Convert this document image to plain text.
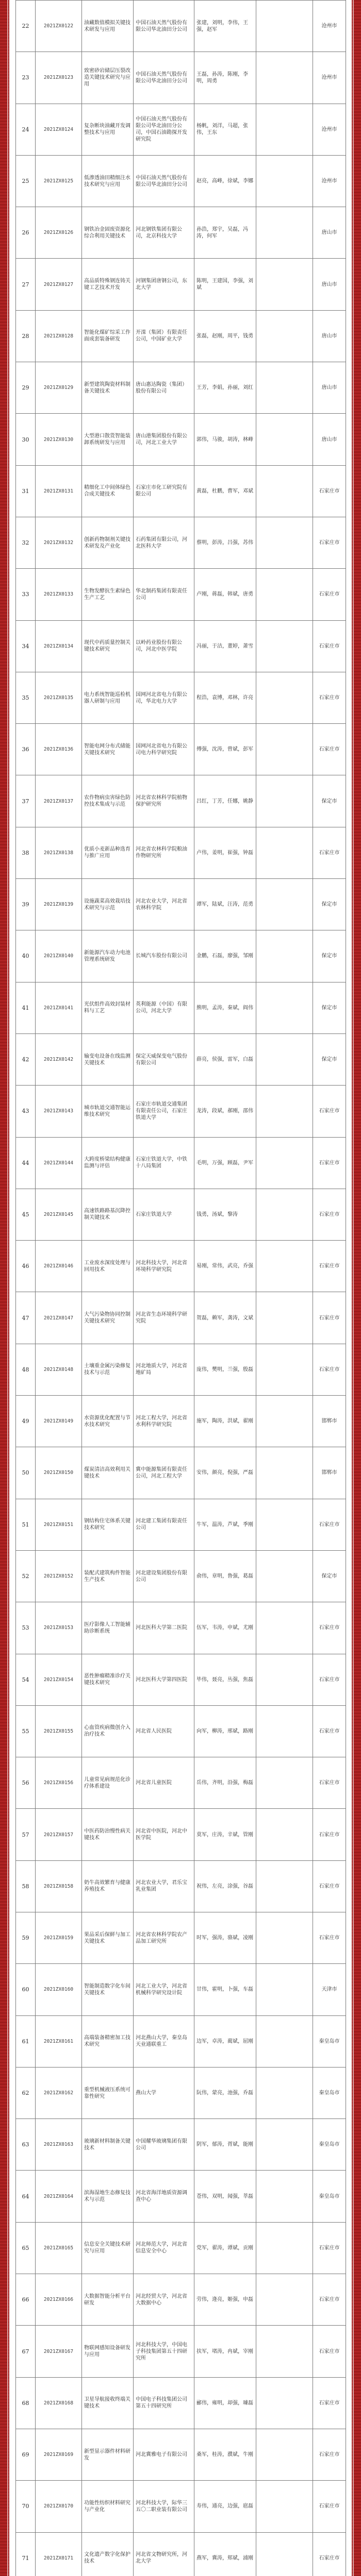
22	2021ZX0122	油藏数值模拟关键技术研发与应用	中国石油天然气股份有限公司华北油田分公司	张建，刘明，李伟，王强，赵军		沧州市
23	2021ZX0123	致密砂岩储层压裂改造关键技术研究与应用	中国石油天然气股份有限公司华北油田分公司	王磊，孙涛，陈刚，李明，周勇		沧州市
24	2021ZX0124	复杂断块油藏开发调整技术与应用	中国石油天然气股份有限公司华北油田分公司，中国石油勘探开发研究院	杨帆，刘洋，马超，张伟，王东		沧州市
25	2021ZX0125	低渗透油田精细注水技术研究与应用	中国石油天然气股份有限公司华北油田分公司	赵亮，高峰，徐斌，李娜		沧州市
26	2021ZX0126	钢铁冶金固废资源化综合利用关键技术	河北钢铁集团有限公司，北京科技大学	孙浩，郑宇，吴磊，冯涛，何军		唐山市
27	2021ZX0127	高品质特殊钢连铸关键工艺技术开发	河钢集团唐钢公司，东北大学	陈明，王建国，李强，刘斌		唐山市
28	2021ZX0128	智能化煤矿综采工作面成套装备研发	开滦（集团）有限责任公司，中国矿业大学	张磊，赵刚，周平，钱勇		唐山市
29	2021ZX0129	新型建筑陶瓷材料制备关键技术	唐山惠达陶瓷（集团）股份有限公司	王芳，李娟，孙丽，刘红		唐山市
30	2021ZX0130	大型港口散货智能装卸系统研发与应用	唐山港集团股份有限公司，河北工业大学	郭伟，马骏，胡涛，林峰		唐山市
31	2021ZX0131	精细化工中间体绿色合成关键技术	石家庄市化工研究院有限公司	黄磊，杜鹏，曹军，邓斌		石家庄市
32	2021ZX0132	创新药物制剂关键技术研发及产业化	石药集团有限公司，河北医科大学	蔡明，彭涛，吕强，苏伟		石家庄市
33	2021ZX0133	生物发酵抗生素绿色生产工艺	华北制药集团有限责任公司	卢刚，蒋磊，韩斌，唐勇		石家庄市
34	2021ZX0134	现代中药质量控制关键技术研究	以岭药业股份有限公司，河北中医学院	冯丽，于洁，董婷，萧雪		石家庄市
35	2021ZX0135	电力系统智能巡检机器人研制与应用	国网河北省电力有限公司，华北电力大学	程浩，袁博，邓林，许亮		石家庄市
36	2021ZX0136	智能电网分布式储能关键技术研究	国网河北省电力有限公司电力科学研究院	傅强，沈涛，曾斌，彭军		石家庄市
37	2021ZX0137	农作物病虫害绿色防控技术集成与示范	河北省农林科学院植物保护研究所	吕红，丁芳，任娜，姚静		保定市
38	2021ZX0138	优质小麦新品种选育与推广应用	河北省农林科学院粮油作物研究所	卢伟，姜明，崔强，钟磊		石家庄市
39	2021ZX0139	设施蔬菜高效栽培技术研究与示范	河北农业大学，河北省农林科学院	谭军，陆斌，汪涛，范勇		保定市
40	2021ZX0140	新能源汽车动力电池管理系统研发	长城汽车股份有限公司	金鹏，石磊，廖强，邹刚		保定市
41	2021ZX0141	光伏组件高效封装材料与工艺	英利能源（中国）有限公司，河北大学	熊明，孟涛，秦斌，阎伟		保定市
42	2021ZX0142	输变电设备在线监测关键技术	保定天威保变电气股份有限公司	薛亮，侯强，雷军，白磊		保定市
43	2021ZX0143	城市轨道交通智能运维技术研究	石家庄市轨道交通集团有限责任公司，石家庄铁道大学	龙涛，段斌，郝刚，邵伟		石家庄市
44	2021ZX0144	大跨度桥梁结构健康监测与评估	石家庄铁道大学，中铁十八局集团	毛明，万强，顾磊，尹军		石家庄市
45	2021ZX0145	高速铁路路基沉降控制关键技术	石家庄铁道大学	钱勇，汤斌，黎涛		石家庄市
46	2021ZX0146	工业废水深度处理与回用技术	河北科技大学，河北省环境科学研究院	易刚，常伟，武亮，乔强		石家庄市
47	2021ZX0147	大气污染物协同控制关键技术研究	河北省生态环境科学研究院	贺磊，赖军，龚涛，文斌		石家庄市
48	2021ZX0148	土壤重金属污染修复技术与示范	河北地质大学，河北省地矿局	庞伟，樊明，兰强，殷磊		石家庄市
49	2021ZX0149	水资源优化配置与节水技术研究	河北工程大学，河北省水利科学研究院	施军，陶涛，洪斌，翟刚		邯郸市
50	2021ZX0150	煤炭清洁高效利用关键技术	冀中能源集团有限责任公司，河北工程大学	安伟，颜亮，倪强，严磊		邯郸市
51	2021ZX0151	钢结构住宅体系关键技术研究	河北建工集团有限责任公司	牛军，温涛，芦斌，季刚		石家庄市
52	2021ZX0152	装配式建筑构件智能生产技术	河北建设集团股份有限公司	俞伟，章明，鲁强，葛磊		保定市
53	2021ZX0153	医疗影像人工智能辅助诊断系统	河北医科大学第二医院	伍军，韦涛，申斌，尤刚		石家庄市
54	2021ZX0154	恶性肿瘤精准诊疗关键技术研究	河北医科大学第四医院	毕伟，聂亮，丛强，焦磊		石家庄市
55	2021ZX0155	心血管疾病微创介入治疗技术	河北省人民医院	向军，柳涛，邢斌，路刚		石家庄市
56	2021ZX0156	儿童常见病规范化诊疗体系建设	河北省儿童医院	岳伟，齐明，沿强，梅磊		石家庄市
57	2021ZX0157	中医药防治慢性病关键技术	河北省中医院，河北中医学院	莫军，庄涛，辛斌，管刚		石家庄市
58	2021ZX0158	奶牛高效繁育与健康养殖技术	河北农业大学，君乐宝乳业集团	祝伟，左亮，涂强，谷磊		石家庄市
59	2021ZX0159	果品采后保鲜与加工关键技术	河北省农林科学院农产品加工研究所	时军，强涛，骆斌，凌刚		石家庄市
60	2021ZX0160	智能制造数字化车间关键技术	河北工业大学，河北省机械科学研究设计院	甘伟，霍明，卜强，车磊		天津市
61	2021ZX0161	高端装备精密加工技术研究	河北燕山大学，秦皇岛天业通联重工	边军，卓涛，蔺斌，屈刚		秦皇岛市
62	2021ZX0162	重型机械液压系统可靠性研究	燕山大学	阮伟，蒙亮，池强，乔磊		秦皇岛市
63	2021ZX0163	玻璃新材料制备关键技术	中国耀华玻璃集团有限公司	阴军，郁涛，胥斌，能刚		秦皇岛市
64	2021ZX0164	滨海湿地生态修复技术与示范	河北省海洋地质资源调查中心	苍伟，双明，闻强，莘磊		秦皇岛市
65	2021ZX0165	信息安全关键技术研究与应用	河北师范大学，河北省信息安全中心	党军，翟涛，谭斌，贡刚		石家庄市
66	2021ZX0166	大数据智能分析平台研发	河北经贸大学，河北省大数据中心	劳伟，逄亮，姬强，申磊		石家庄市
67	2021ZX0167	物联网感知设备研发与应用	河北科技大学，中国电子科技集团第五十四研究所	扶军，堵涛，冉斌，宰刚		石家庄市
68	2021ZX0168	卫星导航接收终端关键技术	中国电子科技集团公司第五十四研究所	郦伟，雍明，却强，璩磊		石家庄市
69	2021ZX0169	新型显示器件材料研发	河北冀雅电子有限公司	桑军，桂涛，濮斌，牛刚		石家庄市
70	2021ZX0170	功能性纺织材料研究与产业化	河北科技大学，际华三五〇二职业装有限公司	寿伟，通亮，边强，扈磊		石家庄市
71	2021ZX0171	文化遗产数字化保护技术	河北省文物研究所，河北大学	燕军，冀涛，郏斌，浦刚		石家庄市
